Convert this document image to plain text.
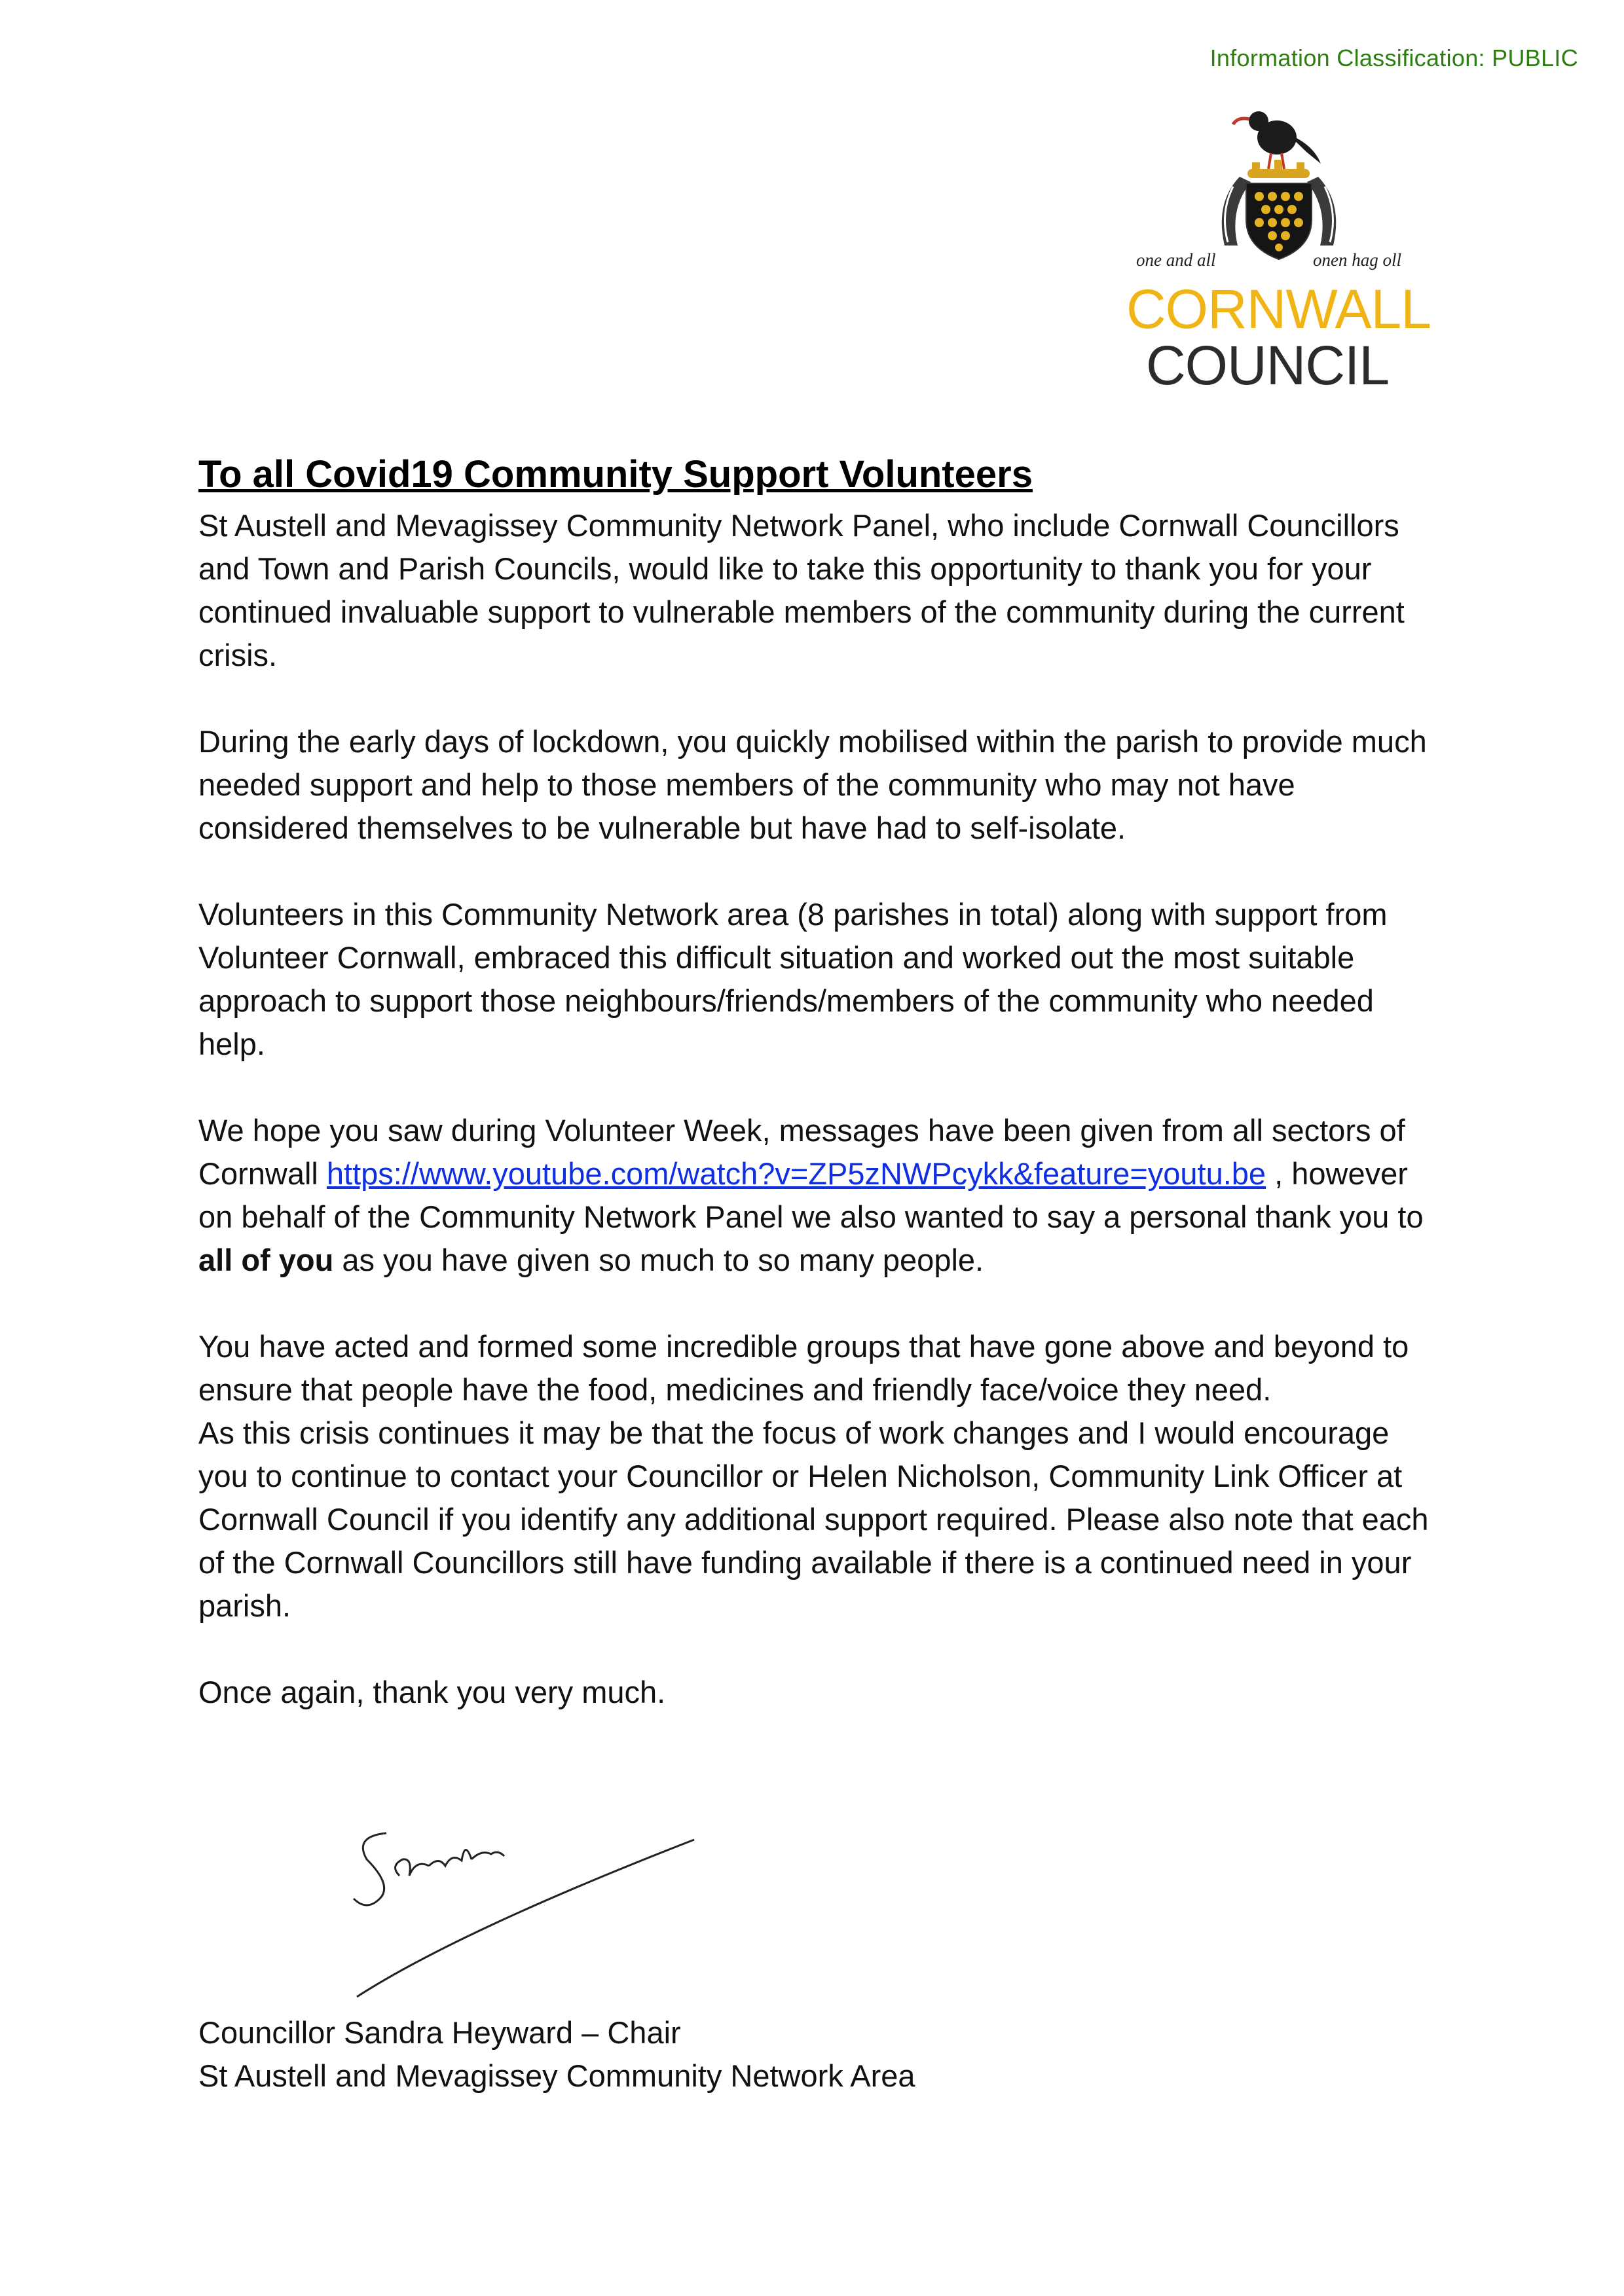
Information Classification: PUBLIC
one and all	onen hag oll
CORNWALL
COUNCIL
To all Covid19 Community Support Volunteers

St Austell and Mevagissey Community Network Panel, who include Cornwall Councillors and Town and Parish Councils, would like to take this opportunity to thank you for your continued invaluable support to vulnerable members of the community during the current crisis.

During the early days of lockdown, you quickly mobilised within the parish to provide much needed support and help to those members of the community who may not have considered themselves to be vulnerable but have had to self-isolate.

Volunteers in this Community Network area (8 parishes in total) along with support from Volunteer Cornwall, embraced this difficult situation and worked out the most suitable approach to support those neighbours/friends/members of the community who needed help.

We hope you saw during Volunteer Week, messages have been given from all sectors of Cornwall https://www.youtube.com/watch?v=ZP5zNWPcykk&feature=youtu.be , however on behalf of the Community Network Panel we also wanted to say a personal thank you to all of you as you have given so much to so many people.

You have acted and formed some incredible groups that have gone above and beyond to ensure that people have the food, medicines and friendly face/voice they need.

As this crisis continues it may be that the focus of work changes and I would encourage you to continue to contact your Councillor or Helen Nicholson, Community Link Officer at Cornwall Council if you identify any additional support required. Please also note that each of the Cornwall Councillors still have funding available if there is a continued need in your parish.

Once again, thank you very much.

Councillor Sandra Heyward – Chair
St Austell and Mevagissey Community Network Area
